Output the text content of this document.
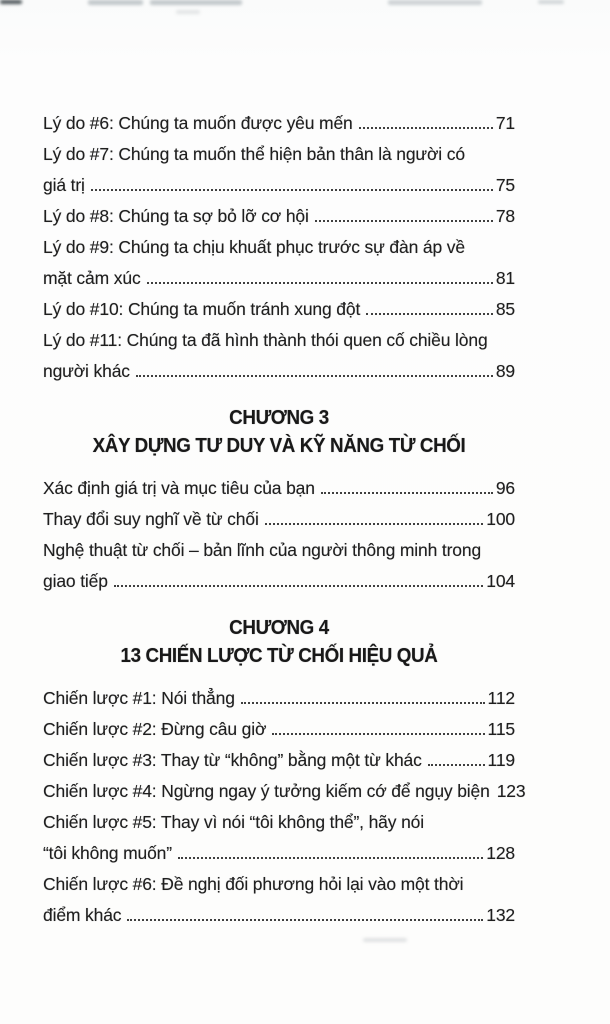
Lý do #6: Chúng ta muốn được yêu mến	71
Lý do #7: Chúng ta muốn thể hiện bản thân là người có
giá trị	75
Lý do #8: Chúng ta sợ bỏ lỡ cơ hội	78
Lý do #9: Chúng ta chịu khuất phục trước sự đàn áp về
mặt cảm xúc	81
Lý do #10: Chúng ta muốn tránh xung đột	85
Lý do #11: Chúng ta đã hình thành thói quen cố chiều lòng
người khác	89
CHƯƠNG 3
XÂY DỰNG TƯ DUY VÀ KỸ NĂNG TỪ CHỐI
Xác định giá trị và mục tiêu của bạn	96
Thay đổi suy nghĩ về từ chối	100
Nghệ thuật từ chối – bản lĩnh của người thông minh trong
giao tiếp	104
CHƯƠNG 4
13 CHIẾN LƯỢC TỪ CHỐI HIỆU QUẢ
Chiến lược #1: Nói thẳng	112
Chiến lược #2: Đừng câu giờ	115
Chiến lược #3: Thay từ “không” bằng một từ khác	119
Chiến lược #4: Ngừng ngay ý tưởng kiếm cớ để ngụy biện 123
Chiến lược #5: Thay vì nói “tôi không thể”, hãy nói
“tôi không muốn”	128
Chiến lược #6: Đề nghị đối phương hỏi lại vào một thời
điểm khác	132
